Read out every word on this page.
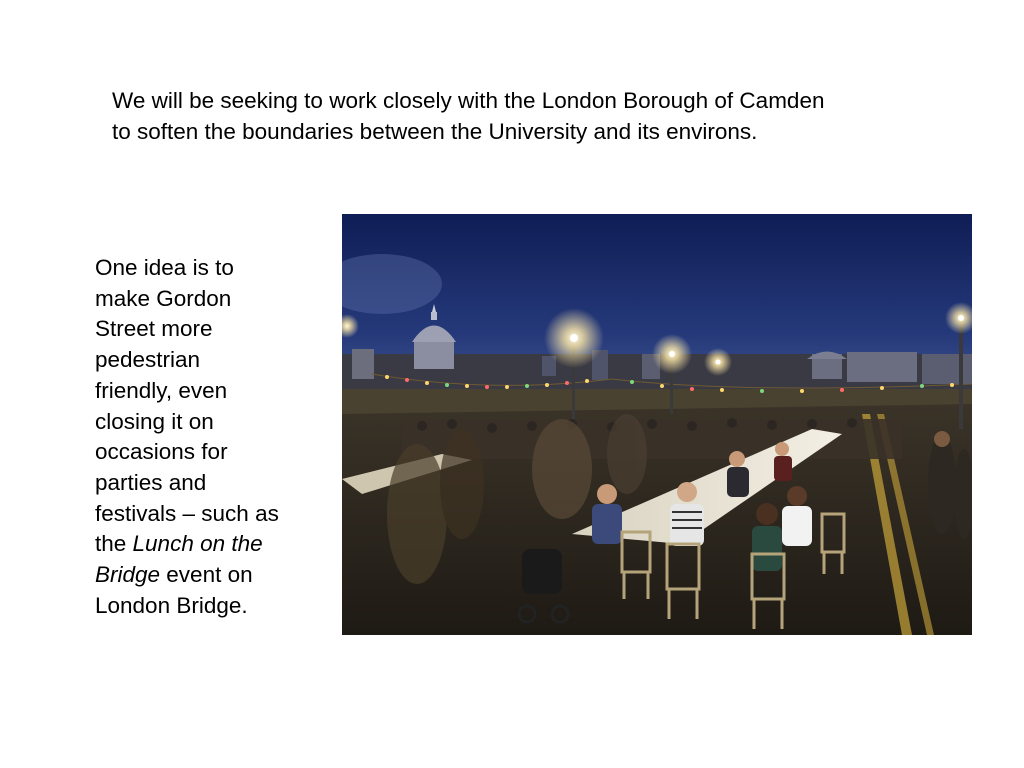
We will be seeking to work closely with the London Borough of Camden
to soften the boundaries between the University and its environs.

One idea is to
make Gordon
Street more
pedestrian
friendly, even
closing it on
occasions for
parties and
festivals – such as
the Lunch on the
Bridge event on
London Bridge.
